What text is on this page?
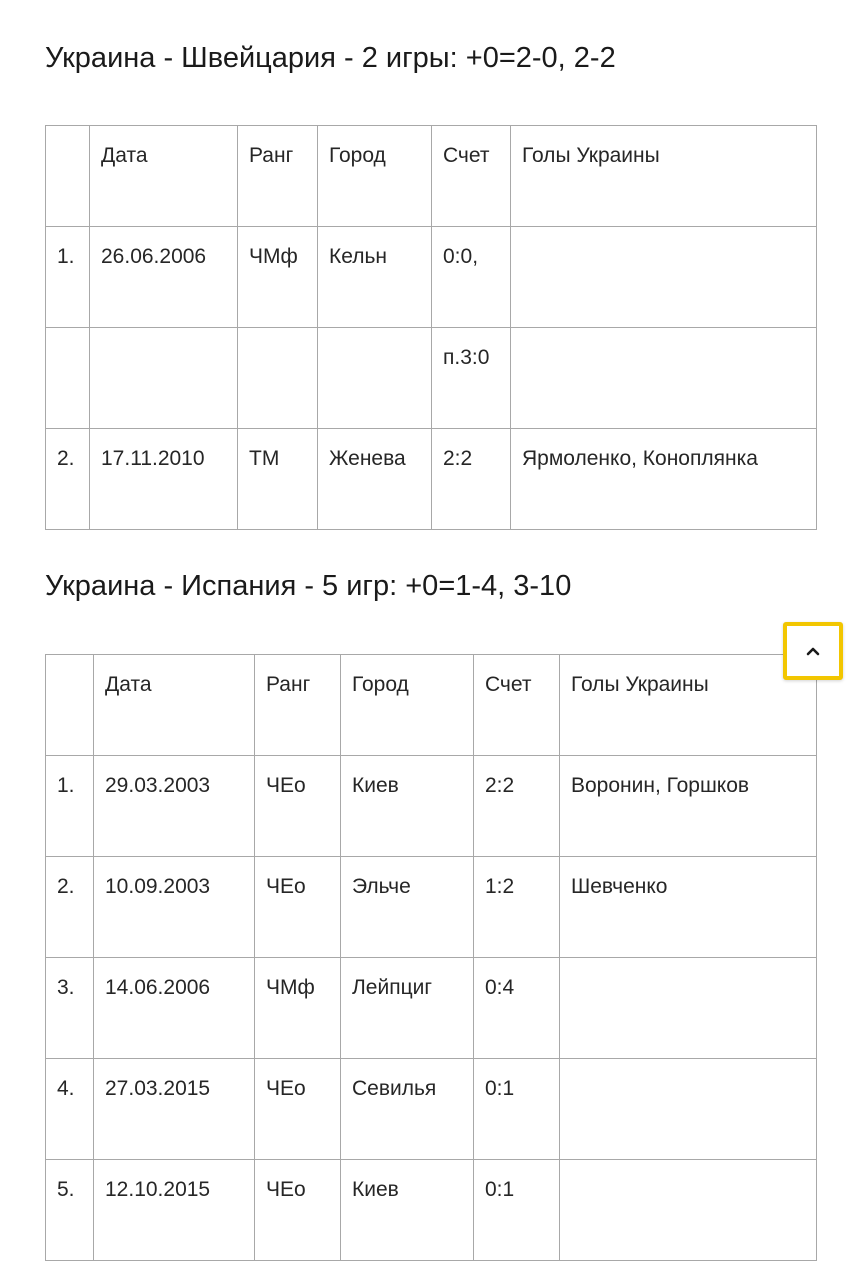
Украина - Швейцария - 2 игры: +0=2-0, 2-2
	Дата	Ранг	Город	Счет	Голы Украины
1.	26.06.2006	ЧМф	Кельн	0:0,	
				п.3:0	
2.	17.11.2010	ТМ	Женева	2:2	Ярмоленко, Коноплянка
Украина - Испания - 5 игр: +0=1-4, 3-10
	Дата	Ранг	Город	Счет	Голы Украины
1.	29.03.2003	ЧЕо	Киев	2:2	Воронин, Горшков
2.	10.09.2003	ЧЕо	Эльче	1:2	Шевченко
3.	14.06.2006	ЧМф	Лейпциг	0:4	
4.	27.03.2015	ЧЕо	Севилья	0:1	
5.	12.10.2015	ЧЕо	Киев	0:1	
